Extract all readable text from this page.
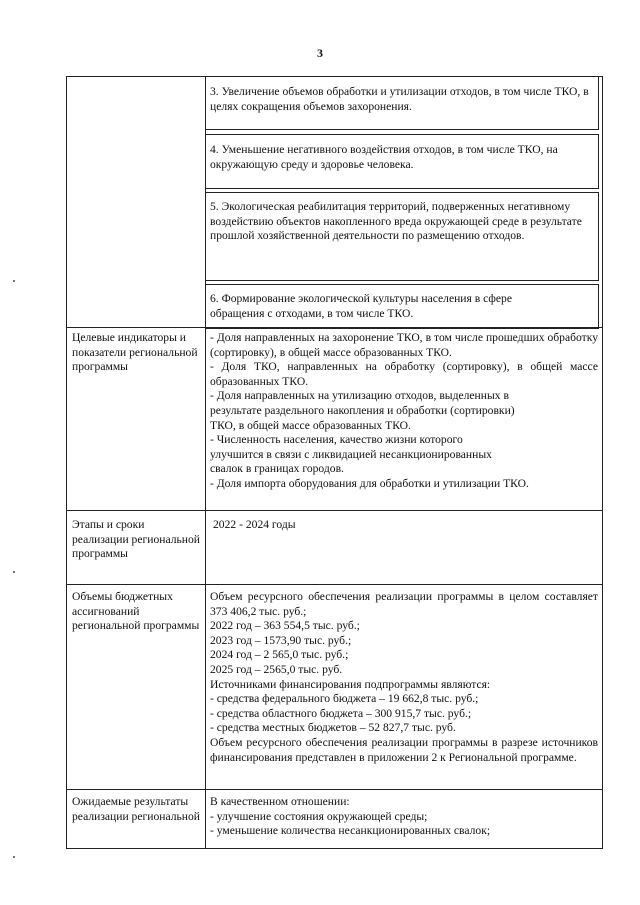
3
3. Увеличение объемов обработки и утилизации отходов, в том числе ТКО, в целях сокращения объемов захоронения.
4. Уменьшение негативного воздействия отходов, в том числе ТКО, на окружающую среду и здоровье человека.
5. Экологическая реабилитация территорий, подверженных негативному воздействию объектов накопленного вреда окружающей среде в результате прошлой хозяйственной деятельности по размещению отходов.
6. Формирование экологической культуры населения в сфере обращения с отходами, в том числе ТКО.
Целевые индикаторы и показатели региональной программы
- Доля направленных на захоронение ТКО, в том числе прошедших обработку (сортировку), в общей массе образованных ТКО.
- Доля ТКО, направленных на обработку (сортировку), в общей массе образованных ТКО.
- Доля направленных на утилизацию отходов, выделенных в результате раздельного накопления и обработки (сортировки) ТКО, в общей массе образованных ТКО.
- Численность населения, качество жизни которого улучшится в связи с ликвидацией несанкционированных свалок в границах городов.
- Доля импорта оборудования для обработки и утилизации ТКО.
Этапы и сроки реализации региональной программы
2022 - 2024 годы
Объемы бюджетных ассигнований региональной программы
Объем ресурсного обеспечения реализации программы в целом составляет 373 406,2 тыс. руб.;
2022 год – 363 554,5 тыс. руб.;
2023 год – 1573,90 тыс. руб.;
2024 год – 2 565,0 тыс. руб.;
2025 год – 2565,0 тыс. руб.
Источниками финансирования подпрограммы являются:
- средства федерального бюджета – 19 662,8 тыс. руб.;
- средства областного бюджета – 300 915,7 тыс. руб.;
- средства местных бюджетов – 52 827,7 тыс. руб.
Объем ресурсного обеспечения реализации программы в разрезе источников финансирования представлен в приложении 2 к Региональной программе.
Ожидаемые результаты реализации региональной
В качественном отношении:
- улучшение состояния окружающей среды;
- уменьшение количества несанкционированных свалок;
